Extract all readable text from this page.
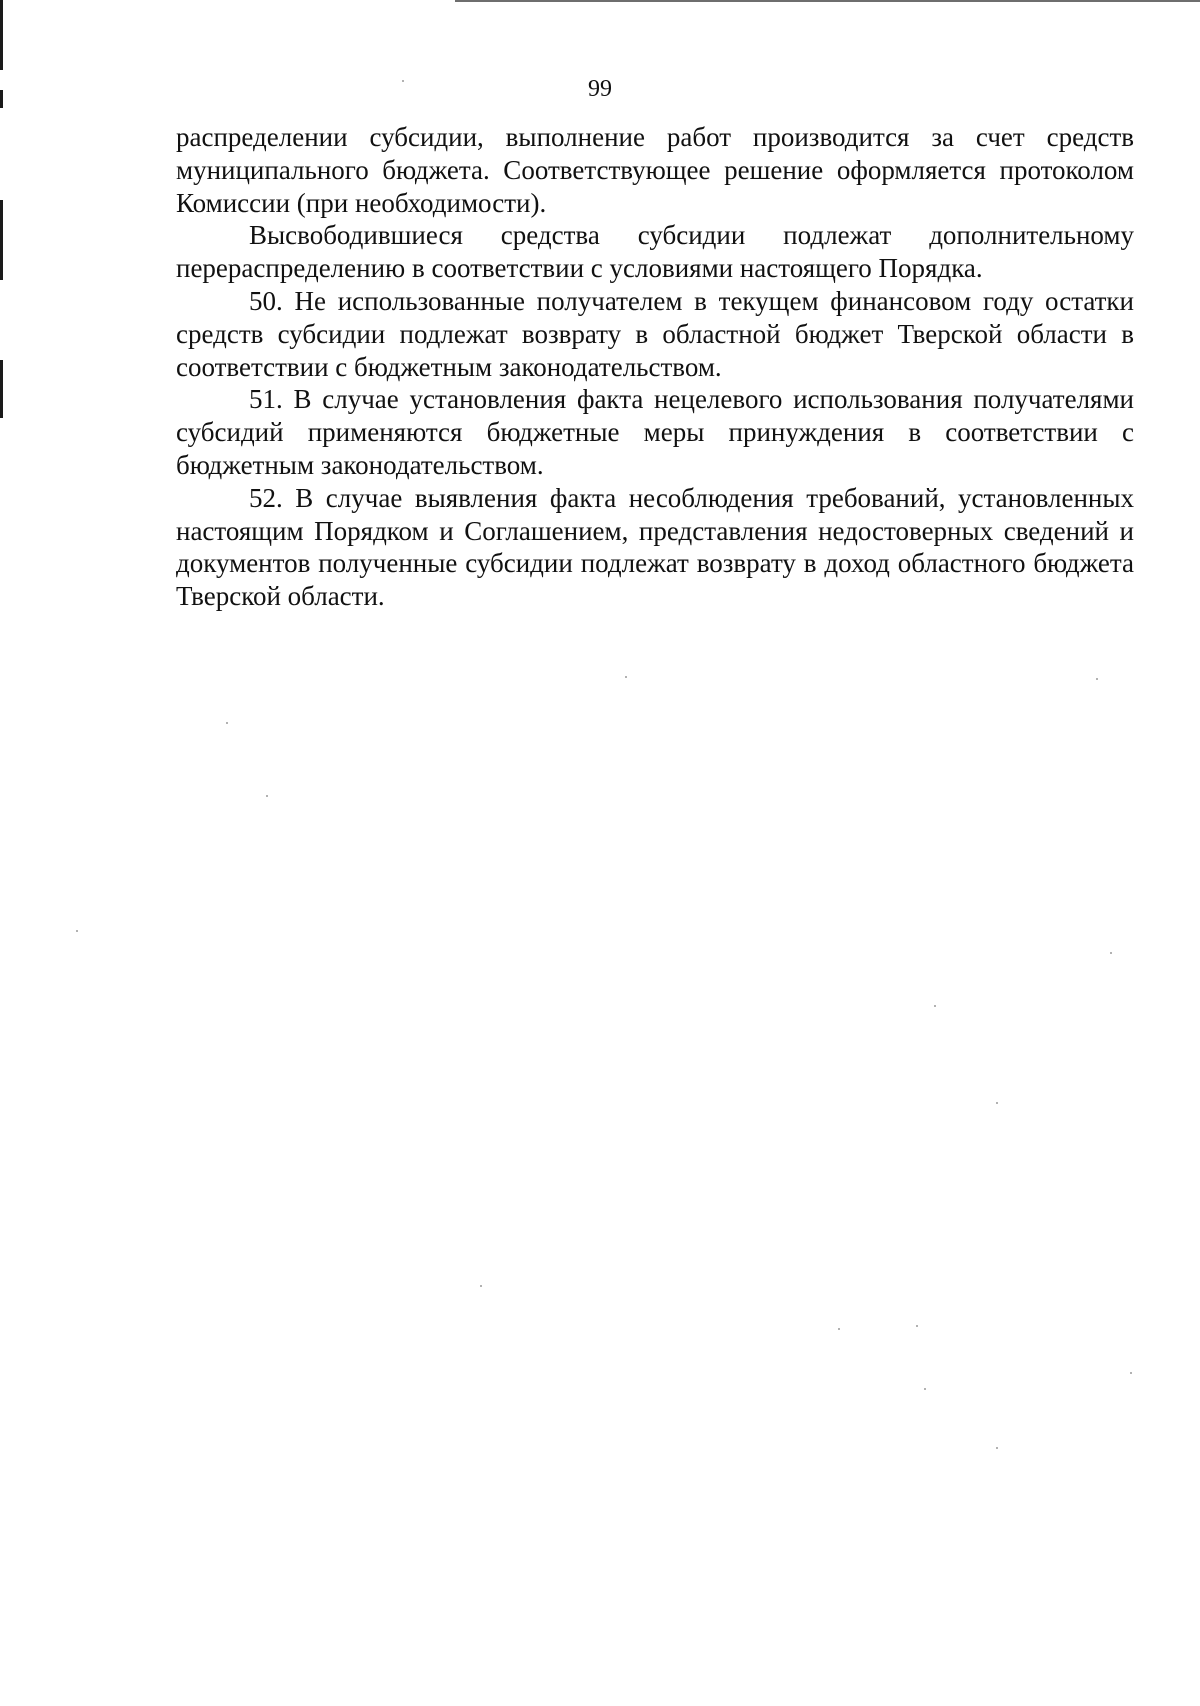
99

распределении субсидии, выполнение работ производится за счет средств муниципального бюджета. Соответствующее решение оформляется протоколом Комиссии (при необходимости).

Высвободившиеся средства субсидии подлежат дополнительному перераспределению в соответствии с условиями настоящего Порядка.

50. Не использованные получателем в текущем финансовом году остатки средств субсидии подлежат возврату в областной бюджет Тверской области в соответствии с бюджетным законодательством.

51. В случае установления факта нецелевого использования получателями субсидий применяются бюджетные меры принуждения в соответствии с бюджетным законодательством.

52. В случае выявления факта несоблюдения требований, установленных настоящим Порядком и Соглашением, представления недостоверных сведений и документов полученные субсидии подлежат возврату в доход областного бюджета Тверской области.
